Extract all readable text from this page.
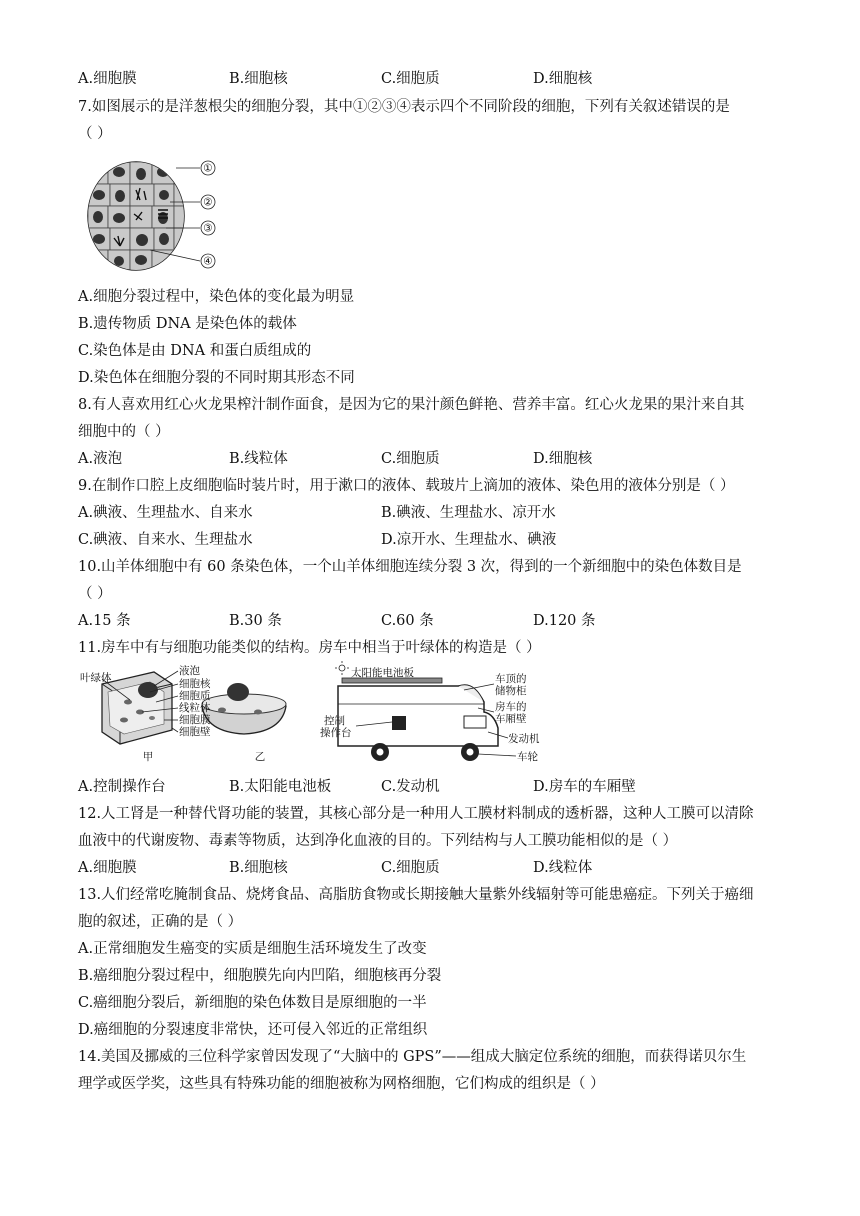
A.细胞膜	B.细胞核	C.细胞质	D.细胞核
7.如图展示的是洋葱根尖的细胞分裂，其中①②③④表示四个不同阶段的细胞，下列有关叙述错误的是
（ ）
①
②
③
④
A.细胞分裂过程中，染色体的变化最为明显
B.遗传物质 DNA 是染色体的载体
C.染色体是由 DNA 和蛋白质组成的
D.染色体在细胞分裂的不同时期其形态不同
8.有人喜欢用红心火龙果榨汁制作面食，是因为它的果汁颜色鲜艳、营养丰富。红心火龙果的果汁来自其
细胞中的（ ）
A.液泡	B.线粒体	C.细胞质	D.细胞核
9.在制作口腔上皮细胞临时装片时，用于漱口的液体、载玻片上滴加的液体、染色用的液体分别是（ ）
A.碘液、生理盐水、自来水	B.碘液、生理盐水、凉开水
C.碘液、自来水、生理盐水	D.凉开水、生理盐水、碘液
10.山羊体细胞中有 60 条染色体，一个山羊体细胞连续分裂 3 次，得到的一个新细胞中的染色体数目是
（ ）
A.15 条	B.30 条	C.60 条	D.120 条
11.房车中有与细胞功能类似的结构。房车中相当于叶绿体的构造是（ ）
叶绿体
液泡
细胞核
细胞质
线粒体
细胞膜
细胞壁
甲	乙
太阳能电池板	车顶的
储物柜
房车的
车厢壁
控制
操作台	发动机
车轮
A.控制操作台	B.太阳能电池板	C.发动机	D.房车的车厢壁
12.人工肾是一种替代肾功能的装置，其核心部分是一种用人工膜材料制成的透析器，这种人工膜可以清除
血液中的代谢废物、毒素等物质，达到净化血液的目的。下列结构与人工膜功能相似的是（ ）
A.细胞膜	B.细胞核	C.细胞质	D.线粒体
13.人们经常吃腌制食品、烧烤食品、高脂肪食物或长期接触大量紫外线辐射等可能患癌症。下列关于癌细
胞的叙述，正确的是（ ）
A.正常细胞发生癌变的实质是细胞生活环境发生了改变
B.癌细胞分裂过程中，细胞膜先向内凹陷，细胞核再分裂
C.癌细胞分裂后，新细胞的染色体数目是原细胞的一半
D.癌细胞的分裂速度非常快，还可侵入邻近的正常组织
14.美国及挪威的三位科学家曾因发现了“大脑中的 GPS”——组成大脑定位系统的细胞，而获得诺贝尔生
理学或医学奖，这些具有特殊功能的细胞被称为网格细胞，它们构成的组织是（ ）
